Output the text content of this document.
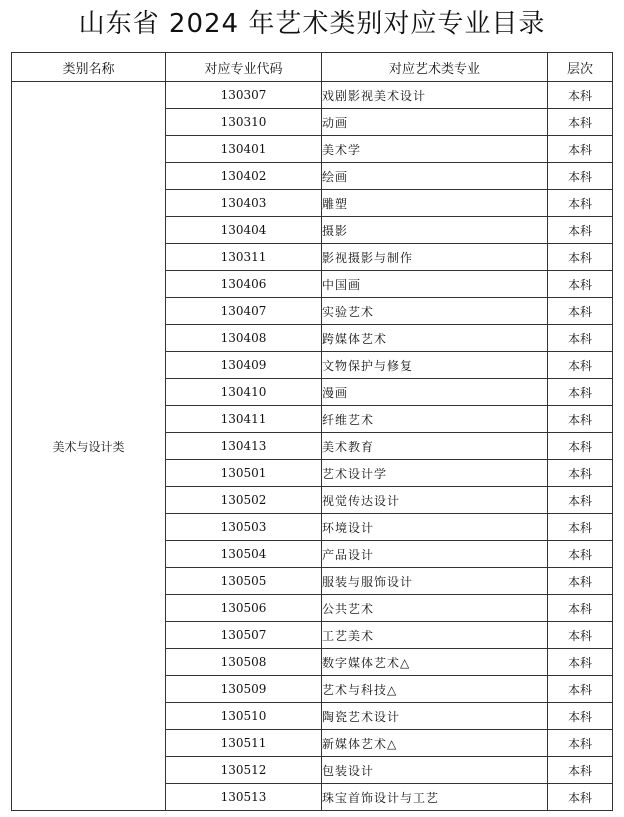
山东省 2024 年艺术类别对应专业目录
类别名称	对应专业代码	对应艺术类专业	层次
美术与设计类	130307	戏剧影视美术设计	本科
	130310	动画	本科
	130401	美术学	本科
	130402	绘画	本科
	130403	雕塑	本科
	130404	摄影	本科
	130311	影视摄影与制作	本科
	130406	中国画	本科
	130407	实验艺术	本科
	130408	跨媒体艺术	本科
	130409	文物保护与修复	本科
	130410	漫画	本科
	130411	纤维艺术	本科
	130413	美术教育	本科
	130501	艺术设计学	本科
	130502	视觉传达设计	本科
	130503	环境设计	本科
	130504	产品设计	本科
	130505	服装与服饰设计	本科
	130506	公共艺术	本科
	130507	工艺美术	本科
	130508	数字媒体艺术△	本科
	130509	艺术与科技△	本科
	130510	陶瓷艺术设计	本科
	130511	新媒体艺术△	本科
	130512	包装设计	本科
	130513	珠宝首饰设计与工艺	本科
